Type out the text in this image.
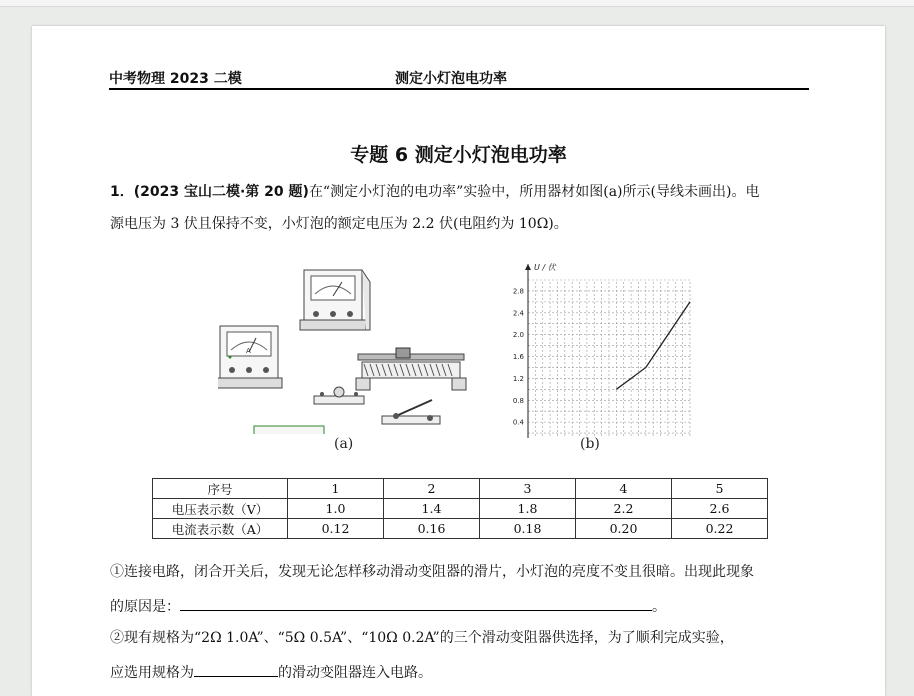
中考物理 2023 二模	测定小灯泡电功率
专题 6 测定小灯泡电功率
1．(2023 宝山二模·第 20 题)在“测定小灯泡的电功率”实验中，所用器材如图(a)所示(导线未画出)。电
源电压为 3 伏且保持不变，小灯泡的额定电压为 2.2 伏(电阻约为 10Ω)。
A
(a)
0.4
0.8
1.2
1.6
2.0
2.4
2.8
U / 伏
(b)
序号	1	2	3	4	5
电压表示数（V）	1.0	1.4	1.8	2.2	2.6
电流表示数（A）	0.12	0.16	0.18	0.20	0.22
①连接电路，闭合开关后，发现无论怎样移动滑动变阻器的滑片，小灯泡的亮度不变且很暗。出现此现象
的原因是：	。
②现有规格为“2Ω 1.0A”、“5Ω 0.5A”、“10Ω 0.2A”的三个滑动变阻器供选择，为了顺利完成实验，
应选用规格为	的滑动变阻器连入电路。
